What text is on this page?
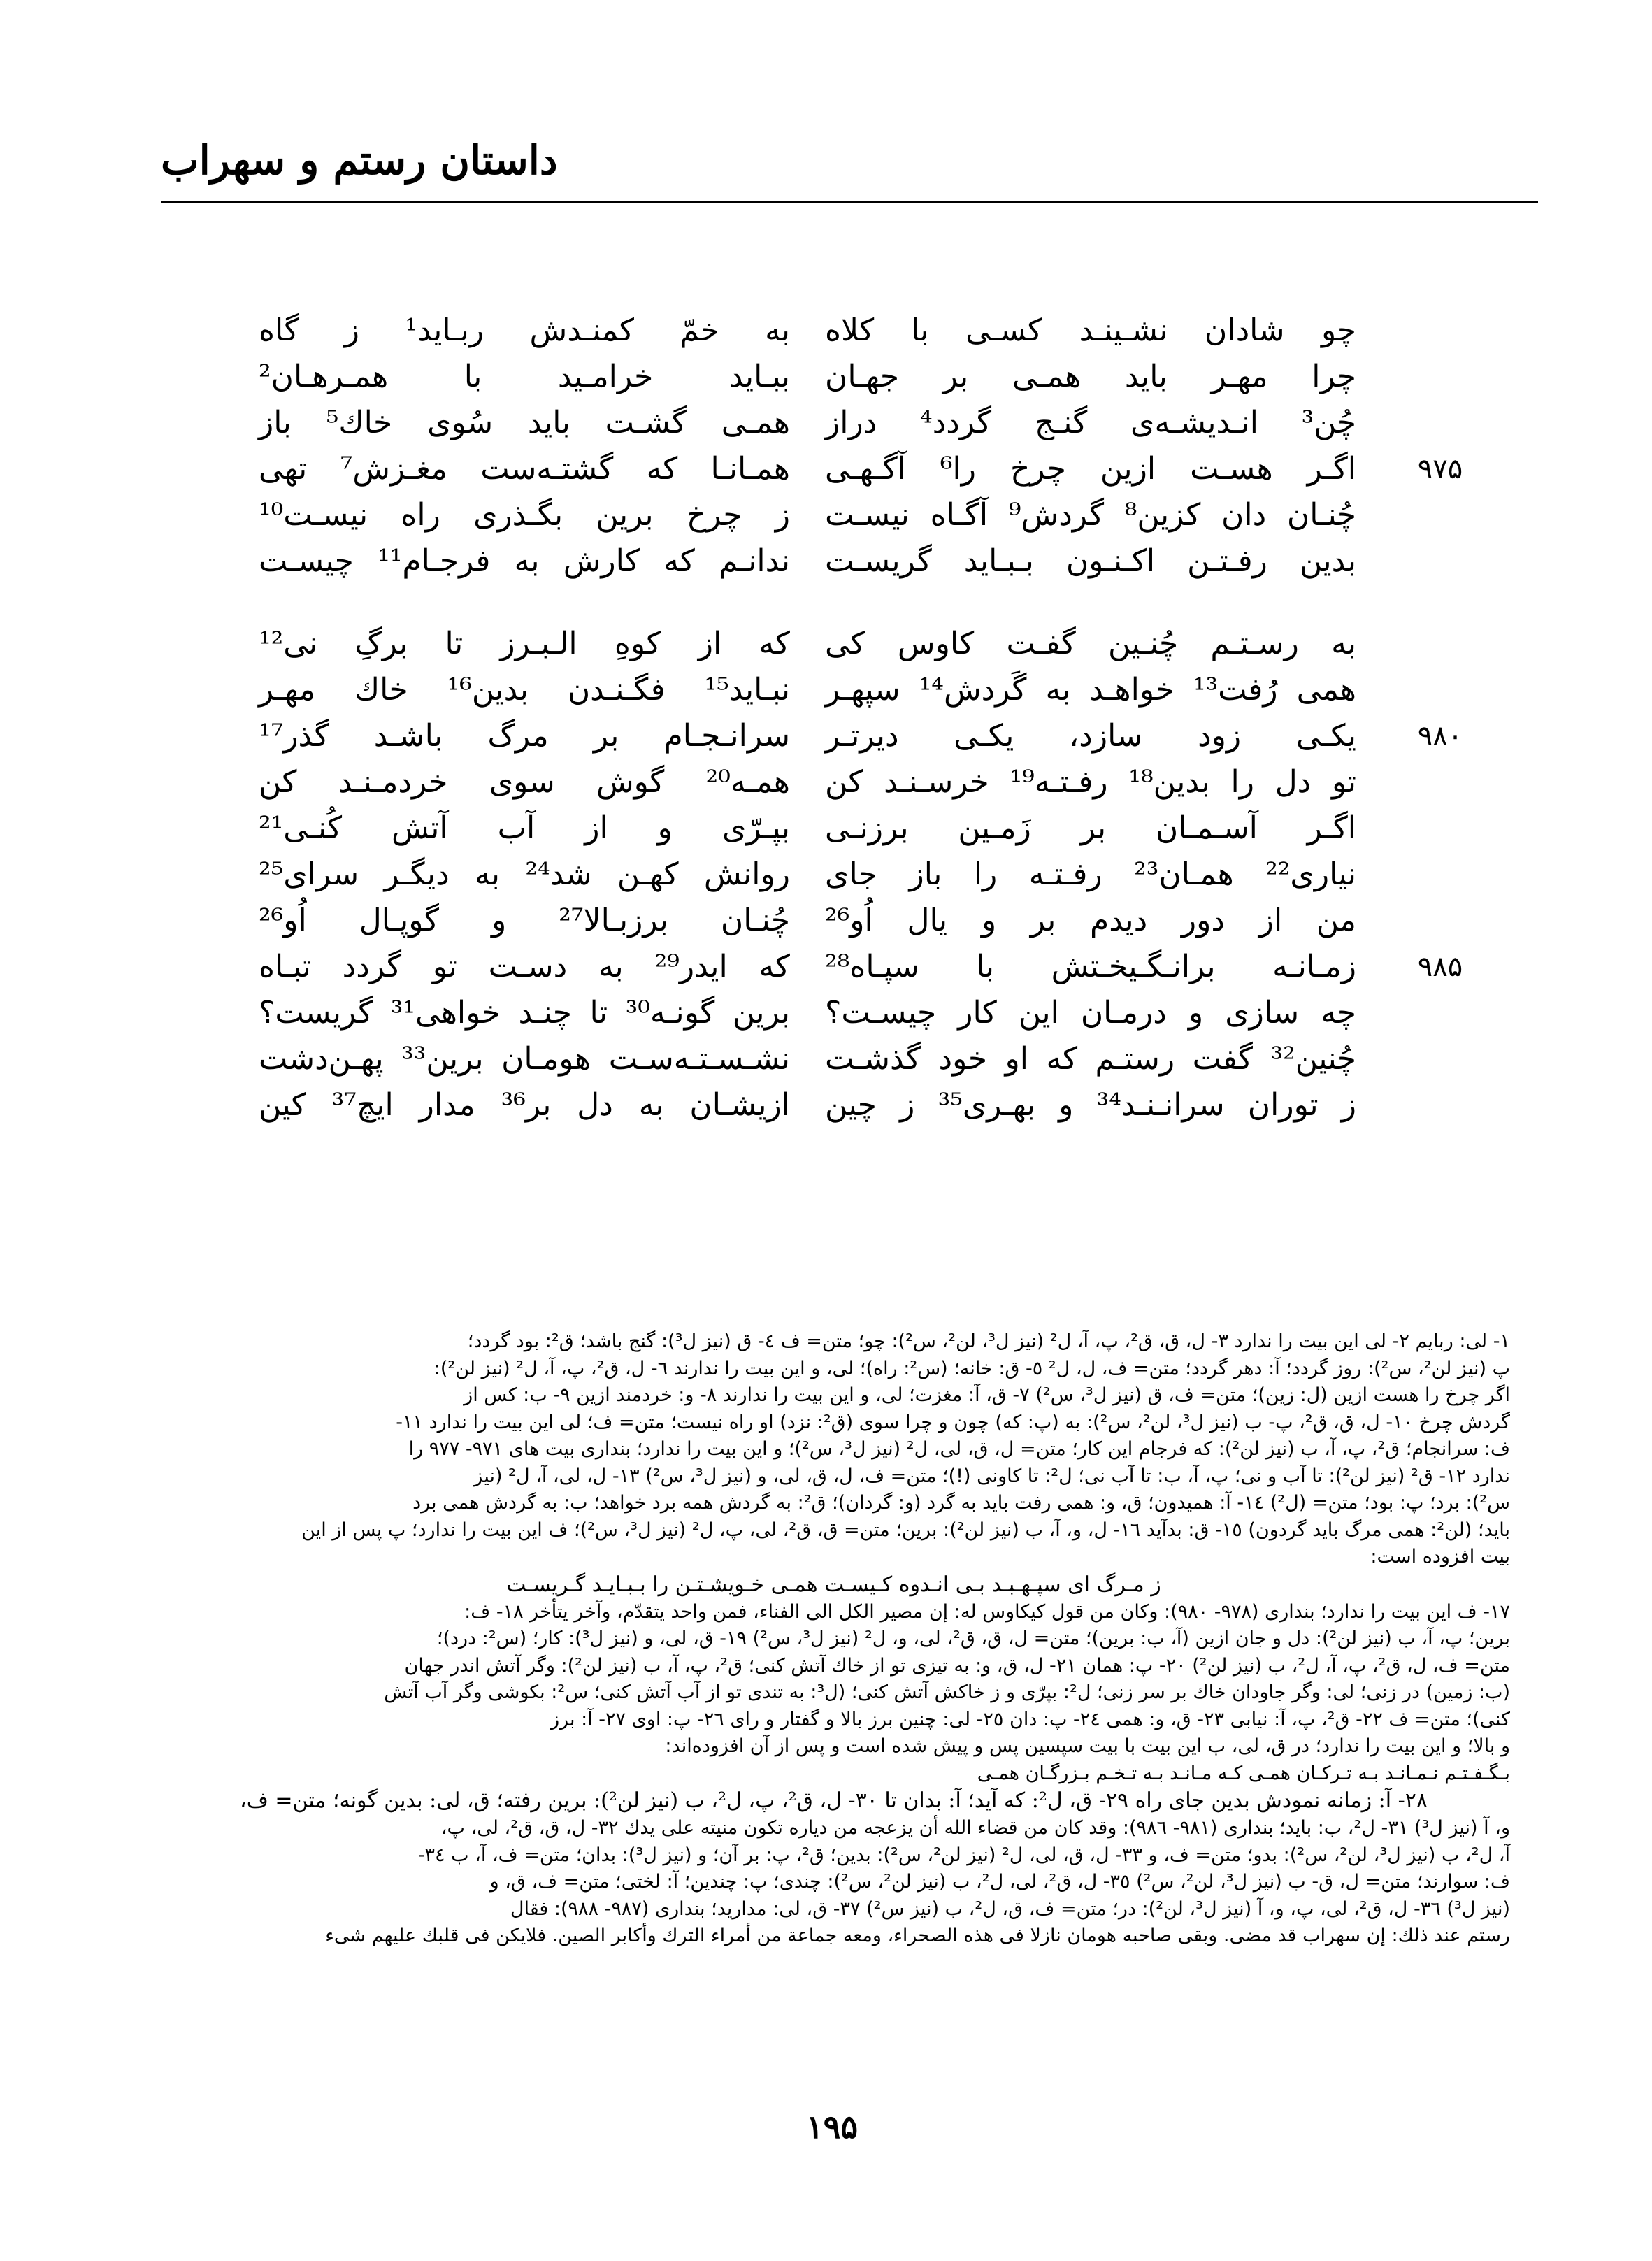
داستان رستم و سهراب
چو شادان نشـینـد کسـی با کلاه
به خمّ کمنـدش ربـاید¹ ز گاه
چرا مهـر باید همـی بر جهـان
ببـاید خرامـید با همـرهـان²
چُن³ انـدیشـه‌ی گنـج گردد⁴ دراز
همـی گشـت باید سُوی خاك⁵ باز
۹۷۵
اگـر هسـت ازین چرخ را⁶ آگـهـی
همـانـا که گشتـه‌ست مغـزش⁷ تهی
چُنـان دان کزین⁸ گردش⁹ آگـاه نیسـت
ز چرخ برین بگـذری راه نیسـت¹⁰
بدین رفـتـن اکـنـون بـبـاید گریسـت
ندانـم که کارش به فرجـام¹¹ چیسـت
به رسـتـم چُنـین گفـت کاوس کی
که از کوهِ الـبـرز تا برگِ نی¹²
همی رُفت¹³ خواهـد به گَردش¹⁴ سپهـر
نبـاید¹⁵ فگـنـدن بدین¹⁶ خاك مهـر
۹۸۰
یکـی زود سازد، یکـی دیرتـر
سرانـجـام بر مرگ باشـد گذر¹⁷
تو دل را بدین¹⁸ رفـتـه¹⁹ خرسـنـد کن
همـه²⁰ گوش سوی خردمـنـد کن
اگـر آسـمـان بر زَمـین برزنـی
بپـرّی و از آب آتش کُنـی²¹
نیاری²² همـان²³ رفـتـه را باز جای
روانش کهـن شد²⁴ به دیگـر سرای²⁵
من از دور دیدم بر و یال اُو²⁶
چُنـان برزبـالا²⁷ و گوپـال اُو²⁶
۹۸۵
زمـانـه برانـگـیخـتش با سپـاه²⁸
که ایدر²⁹ به دسـت تو گردد تبـاه
چه سازی و درمـان این کار چیسـت؟
برین گونـه³⁰ تا چنـد خواهی³¹ گریست؟
چُنین³² گفت رستـم که او خود گذشـت
نشـسـتـه‌سـت هومـان برین³³ پهـن‌دشت
ز توران سرانـنـد³⁴ و بهـری³⁵ ز چین
ازیشـان به دل بر³⁶ مدار ایچ³⁷ کین
۱- لی: ربایم ۲- لی این بیت را ندارد ۳- ل، ق، ق²، پ، آ، ل² (نیز ل³، لن²، س²): چو؛ متن= ف ٤- ق (نیز ل³): گنج باشد؛ ق²: بود گردد؛
پ (نیز لن²، س²): روز گردد؛ آ: دهر گردد؛ متن= ف، ل، ل² ٥- ق: خانه؛ (س²: راه)؛ لی، و این بیت را ندارند ٦- ل، ق²، پ، آ، ل² (نیز لن²):
اگر چرخ را هست ازین (ل: زین)؛ متن= ف، ق (نیز ل³، س²) ٧- ق، آ: مغزت؛ لی، و این بیت را ندارند ٨- و: خردمند ازین ٩- ب: کس از
گردش چرخ ١٠- ل، ق، ق²، پ- ب (نیز ل³، لن²، س²): به (پ: که) چون و چرا سوی (ق²: نزد) او راه نیست؛ متن= ف؛ لی این بیت را ندارد ١١-
ف: سرانجام؛ ق²، پ، آ، ب (نیز لن²): که فرجام این کار؛ متن= ل، ق، لی، ل² (نیز ل³، س²)؛ و این بیت را ندارد؛ بنداری بیت های ٩٧١- ٩٧٧ را
ندارد ١٢- ق² (نیز لن²): تا آب و نی؛ پ، آ، ب: تا آب نی؛ ل²: تا کاونی (!)؛ متن= ف، ل، ق، لی، و (نیز ل³، س²) ١٣- ل، لی، آ، ل² (نیز
س²): برد؛ پ: بود؛ متن= (ل²) ١٤- آ: همیدون؛ ق، و: همی رفت باید به گرد (و: گردان)؛ ق²: به گردش همه برد خواهد؛ ب: به گردش همی برد
باید؛ (لن²: همی مرگ باید گردون) ١٥- ق: بدآید ١٦- ل، و، آ، ب (نیز لن²): برین؛ متن= ق، ق²، لی، پ، ل² (نیز ل³، س²)؛ ف این بیت را ندارد؛ پ پس از این
بیت افزوده است:
ز مـرگ ای سپـهـبـد بـی انـدوه کـیسـت همـی خـویشـتـن را بـبـایـد گـریسـت
١٧- ف این بیت را ندارد؛ بنداری (٩٧٨- ٩٨٠): وکان من قول کیکاوس له: إن مصیر الکل الی الفناء، فمن واحد یتقدّم، وآخر یتأخر ١٨- ف:
برین؛ پ، آ، ب (نیز لن²): دل و جان ازین (آ، ب: برین)؛ متن= ل، ق، ق²، لی، و، ل² (نیز ل³، س²) ١٩- ق، لی، و (نیز ل³): کار؛ (س²: درد)؛
متن= ف، ل، ق²، پ، آ، ل²، ب (نیز لن²) ٢٠- پ: همان ٢١- ل، ق، و: به تیزی تو از خاك آتش کنی؛ ق²، پ، آ، ب (نیز لن²): وگر آتش اندر جهان
(ب: زمین) در زنی؛ لی: وگر جاودان خاك بر سر زنی؛ ل²: بپرّی و ز خاکش آتش کنی؛ (ل³: به تندی تو از آب آتش کنی؛ س²: بکوشی وگر آب آتش
کنی)؛ متن= ف ٢٢- ق²، پ، آ: نیابی ٢٣- ق، و: همی ٢٤- پ: دان ٢٥- لی: چنین برز بالا و گفتار و رای ٢٦- پ: اوی ٢٧- آ: برز
و بالا؛ و این بیت را ندارد؛ در ق، لی، ب این بیت با بیت سپسین پس و پیش شده است و پس از آن افزوده‌اند:
بـگـفـتـم نـمـانـد بـه تـرکـان همـی کـه مـانـد بـه تـخـم بـزرگـان همـی
٢٨- آ: زمانه نمودش بدین جای راه ٢٩- ق، ل²: که آید؛ آ: بدان تا ٣٠- ل، ق²، پ، ل²، ب (نیز لن²): برین رفته؛ ق، لی: بدین گونه؛ متن= ف،
و، آ (نیز ل³) ٣١- ل²، ب: باید؛ بنداری (٩٨١- ٩٨٦): وقد کان من قضاء الله أن یزعجه من دیاره تکون منیته علی یدك ٣٢- ل، ق، ق²، لی، پ،
آ، ل²، ب (نیز ل³، لن²، س²): بدو؛ متن= ف، و ٣٣- ل، ق، لی، ل² (نیز لن²، س²): بدین؛ ق²، پ: بر آن؛ و (نیز ل³): بدان؛ متن= ف، آ، ب ٣٤-
ف: سوارند؛ متن= ل، ق- ب (نیز ل³، لن²، س²) ٣٥- ل، ق²، لی، ل²، ب (نیز لن²، س²): چندی؛ پ: چندین؛ آ: لختی؛ متن= ف، ق، و
(نیز ل³) ٣٦- ل، ق²، لی، پ، و، آ (نیز ل³، لن²): در؛ متن= ف، ق، ل²، ب (نیز س²) ٣٧- ق، لی: مدارید؛ بنداری (٩٨٧- ٩٨٨): فقال
رستم عند ذلك: إن سهراب قد مضی. وبقی صاحبه هومان نازلا فی هذه الصحراء، ومعه جماعة من أمراء الترك وأکابر الصین. فلایکن فی قلبك علیهم شیء
۱۹۵
